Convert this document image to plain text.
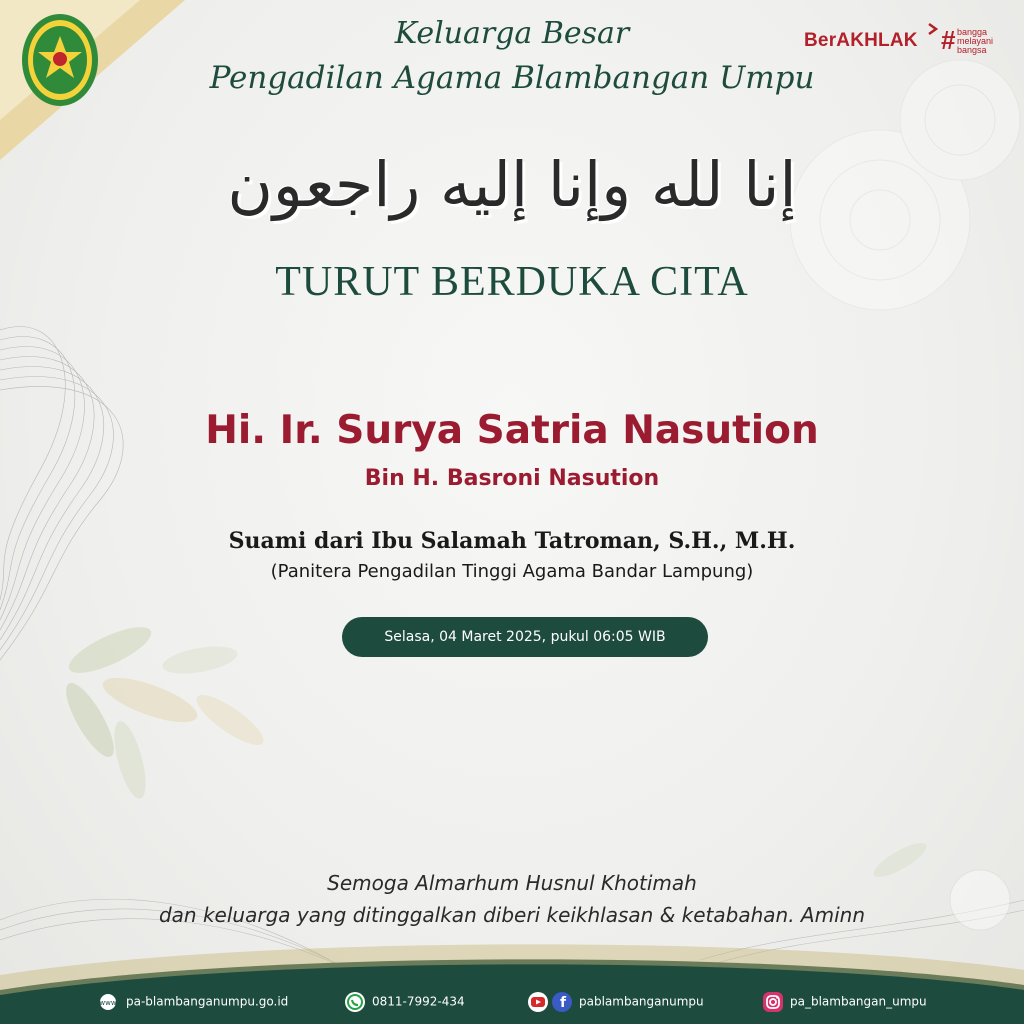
BerAKHLAK # bangga
melayani
bangsa
Keluarga Besar
Pengadilan Agama Blambangan Umpu
إنا لله وإنا إليه راجعون
TURUT BERDUKA CITA
Hi. Ir. Surya Satria Nasution
Bin H. Basroni Nasution
Suami dari Ibu Salamah Tatroman, S.H., M.H.
(Panitera Pengadilan Tinggi Agama Bandar Lampung)
Selasa, 04 Maret 2025, pukul 06:05 WIB
Semoga Almarhum Husnul Khotimah
dan keluarga yang ditinggalkan diberi keikhlasan & ketabahan. Aminn
www pa-blambanganumpu.go.id	0811-7992-434	f pablambanganumpu	pa_blambangan_umpu
